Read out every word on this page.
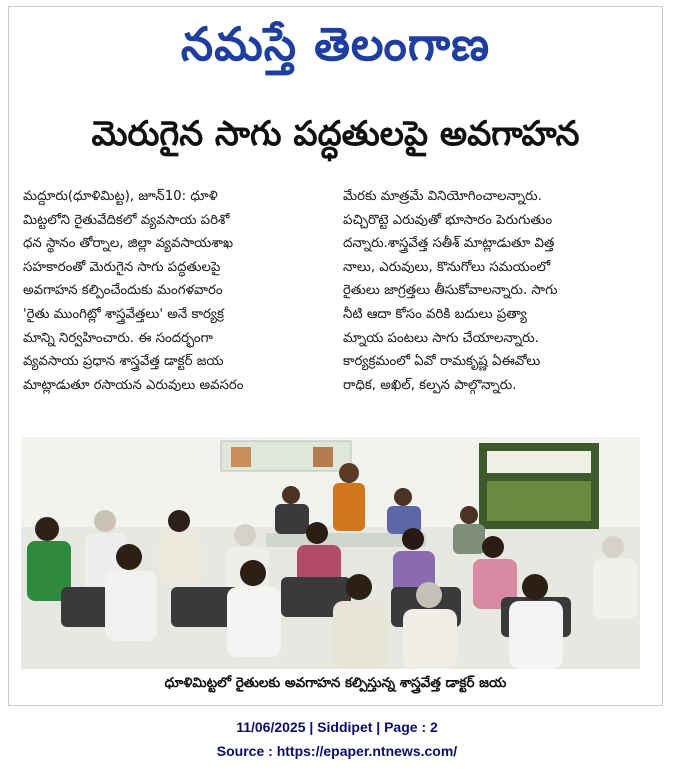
నమస్తే తెలంగాణ
మెరుగైన సాగు పద్ధతులపై అవగాహన
మద్దూరు(ధూళిమిట్ట), జూన్10: ధూళి
మిట్టలోని రైతువేదికలో వ్యవసాయ పరిశో
ధన స్థానం తోర్నాల, జిల్లా వ్యవసాయశాఖ
సహకారంతో మెరుగైన సాగు పద్ధతులపై
అవగాహన కల్పించేందుకు మంగళవారం
'రైతు ముంగిట్లో శాస్త్రవేత్తలు' అనే కార్యక్ర
మాన్ని నిర్వహించారు. ఈ సందర్భంగా
వ్యవసాయ ప్రధాన శాస్త్రవేత్త డాక్టర్ జయ
మాట్లాడుతూ రసాయన ఎరువులు అవసరం
మేరకు మాత్రమే వినియోగించాలన్నారు.
పచ్చిరొట్టె ఎరువుతో భూసారం పెరుగుతుం
దన్నారు.శాస్త్రవేత్త సతీశ్ మాట్లాడుతూ విత్త
నాలు, ఎరువులు, కొనుగోలు సమయంలో
రైతులు జాగ్రత్తలు తీసుకోవాలన్నారు. సాగు
నీటి ఆదా కోసం వరికి బదులు ప్రత్యా
మ్నాయ పంటలు సాగు చేయాలన్నారు.
కార్యక్రమంలో ఏవో రామకృష్ణ ఏఈవోలు
రాధిక, అఖిల్, కల్పన పాల్గొన్నారు.
ధూళిమిట్టలో రైతులకు అవగాహన కల్పిస్తున్న శాస్త్రవేత్త డాక్టర్ జయ
11/06/2025 | Siddipet | Page : 2
Source : https://epaper.ntnews.com/
